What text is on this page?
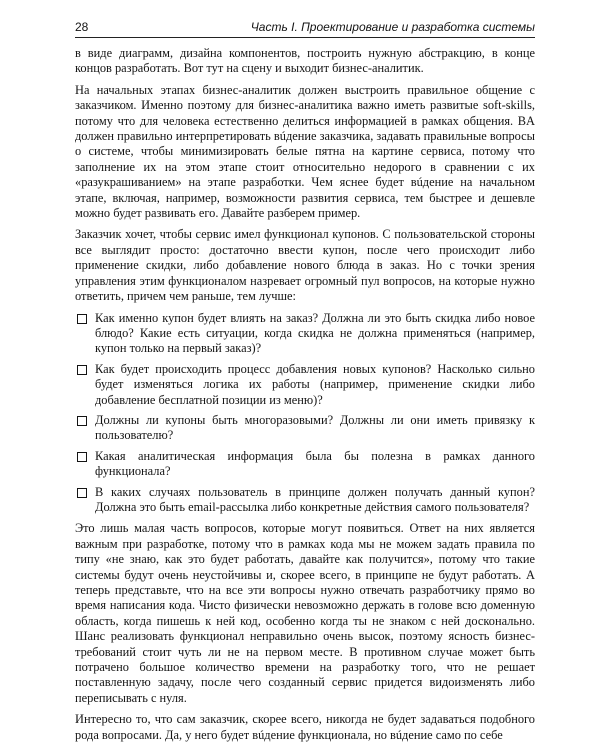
28	Часть I. Проектирование и разработка системы

в виде диаграмм, дизайна компонентов, построить нужную абстракцию, в конце концов разработать. Вот тут на сцену и выходит бизнес-аналитик.

На начальных этапах бизнес-аналитик должен выстроить правильное общение с заказчиком. Именно поэтому для бизнес-аналитика важно иметь развитые soft-skills, потому что для человека естественно делиться информацией в рамках общения. BA должен правильно интерпретировать вúдение заказчика, задавать правильные вопросы о системе, чтобы минимизировать белые пятна на картине сервиса, потому что заполнение их на этом этапе стоит относительно недорого в сравнении с их «разукрашиванием» на этапе разработки. Чем яснее будет вúдение на начальном этапе, включая, например, возможности развития сервиса, тем быстрее и дешевле можно будет развивать его. Давайте разберем пример.

Заказчик хочет, чтобы сервис имел функционал купонов. С пользовательской стороны все выглядит просто: достаточно ввести купон, после чего происходит либо применение скидки, либо добавление нового блюда в заказ. Но с точки зрения управления этим функционалом назревает огромный пул вопросов, на которые нужно ответить, причем чем раньше, тем лучше:

Как именно купон будет влиять на заказ? Должна ли это быть скидка либо новое блюдо? Какие есть ситуации, когда скидка не должна применяться (например, купон только на первый заказ)?
Как будет происходить процесс добавления новых купонов? Насколько сильно будет изменяться логика их работы (например, применение скидки либо добавление бесплатной позиции из меню)?
Должны ли купоны быть многоразовыми? Должны ли они иметь привязку к пользователю?
Какая аналитическая информация была бы полезна в рамках данного функционала?
В каких случаях пользователь в принципе должен получать данный купон? Должна это быть email-рассылка либо конкретные действия самого пользователя?

Это лишь малая часть вопросов, которые могут появиться. Ответ на них является важным при разработке, потому что в рамках кода мы не можем задать правила по типу «не знаю, как это будет работать, давайте как получится», потому что такие системы будут очень неустойчивы и, скорее всего, в принципе не будут работать. А теперь представьте, что на все эти вопросы нужно отвечать разработчику прямо во время написания кода. Чисто физически невозможно держать в голове всю доменную область, когда пишешь к ней код, особенно когда ты не знаком с ней досконально. Шанс реализовать функционал неправильно очень высок, поэтому ясность бизнес-требований стоит чуть ли не на первом месте. В противном случае может быть потрачено большое количество времени на разработку того, что не решает поставленную задачу, после чего созданный сервис придется видоизменять либо переписывать с нуля.

Интересно то, что сам заказчик, скорее всего, никогда не будет задаваться подобного рода вопросами. Да, у него будет вúдение функционала, но вúдение само по себе
